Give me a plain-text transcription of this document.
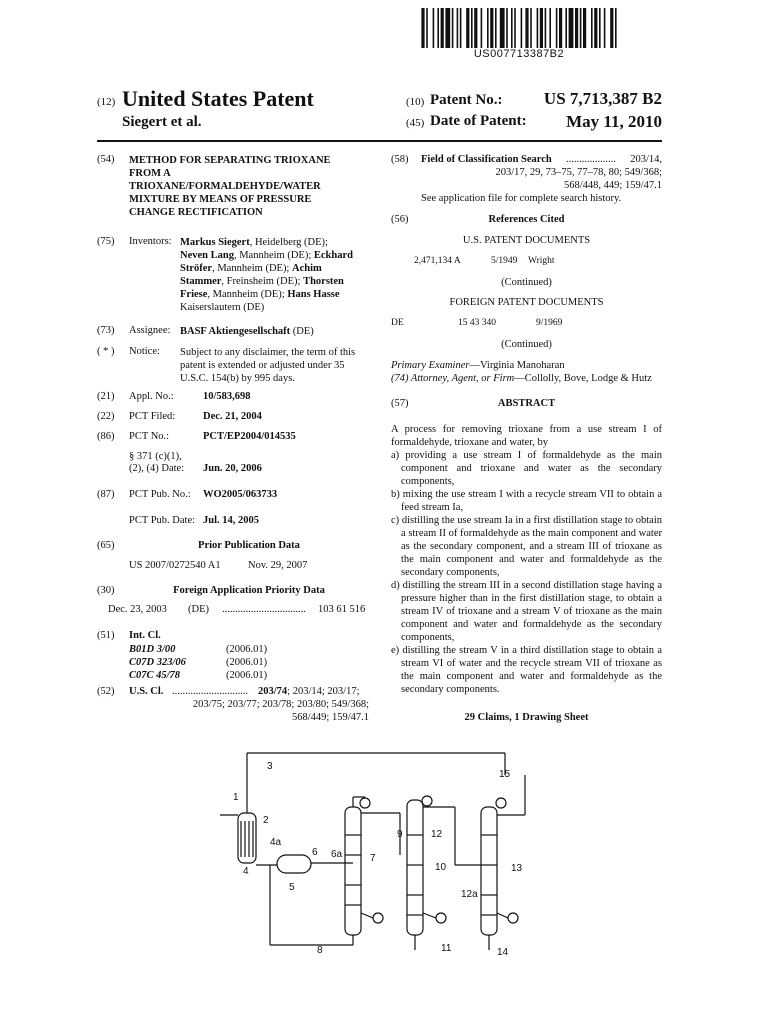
US007713387B2
(12) United States Patent
Siegert et al.
(10) Patent No.:	US 7,713,387 B2
(45) Date of Patent:	May 11, 2010
(54) METHOD FOR SEPARATING TRIOXANE
FROM A
TRIOXANE/FORMALDEHYDE/WATER
MIXTURE BY MEANS OF PRESSURE
CHANGE RECTIFICATION
(75) Inventors: Markus Siegert, Heidelberg (DE);
Neven Lang, Mannheim (DE); Eckhard
Ströfer, Mannheim (DE); Achim
Stammer, Freinsheim (DE); Thorsten
Friese, Mannheim (DE); Hans Hasse
Kaiserslautern (DE)
(73) Assignee: BASF Aktiengesellschaft (DE)
( * ) Notice: Subject to any disclaimer, the term of this
patent is extended or adjusted under 35
U.S.C. 154(b) by 995 days.
(21) Appl. No.:	10/583,698
(22) PCT Filed:	Dec. 21, 2004
(86) PCT No.:	PCT/EP2004/014535
§ 371 (c)(1),
(2), (4) Date: Jun. 20, 2006
(87) PCT Pub. No.: WO2005/063733
PCT Pub. Date: Jul. 14, 2005
(65)	Prior Publication Data
US 2007/0272540 A1	Nov. 29, 2007
(30)	Foreign Application Priority Data
Dec. 23, 2003 (DE) ................................ 103 61 516
(51) Int. Cl.
B01D 3/00	(2006.01)
C07D 323/06	(2006.01)
C07C 45/78	(2006.01)
(52) U.S. Cl. ............................. 203/74; 203/14; 203/17;
203/75; 203/77; 203/78; 203/80; 549/368;
568/449; 159/47.1
(58) Field of Classification Search ...................	203/14,
203/17, 29, 73–75, 77–78, 80; 549/368;
568/448, 449; 159/47.1
See application file for complete search history.
(56)	References Cited
U.S. PATENT DOCUMENTS
2,471,134 A	5/1949 Wright
(Continued)
FOREIGN PATENT DOCUMENTS
DE	15 43 340	9/1969
(Continued)
Primary Examiner—Virginia Manoharan
(74) Attorney, Agent, or Firm—Collolly, Bove, Lodge & Hutz
(57)	ABSTRACT

A process for removing trioxane from a use stream I of formaldehyde, trioxane and water, by

a) providing a use stream I of formaldehyde as the main component and trioxane and water as the secondary components,

b) mixing the use stream I with a recycle stream VII to obtain a feed stream Ia,

c) distilling the use stream Ia in a first distillation stage to obtain a stream II of formaldehyde as the main component and water as the secondary component, and a stream III of trioxane as the main component and water and formaldehyde as the secondary components,

d) distilling the stream III in a second distillation stage having a pressure higher than in the first distillation stage, to obtain a stream IV of trioxane and a stream V of trioxane as the main component and water and formaldehyde as the secondary components,

e) distilling the stream V in a third distillation stage to obtain a stream VI of water and the recycle stream VII of trioxane as the main component and water and formaldehyde as the secondary components.

29 Claims, 1 Drawing Sheet
1
2
3
4
4a
5
6 6a	7
8
9
10
11
12
12a
13
14
15
